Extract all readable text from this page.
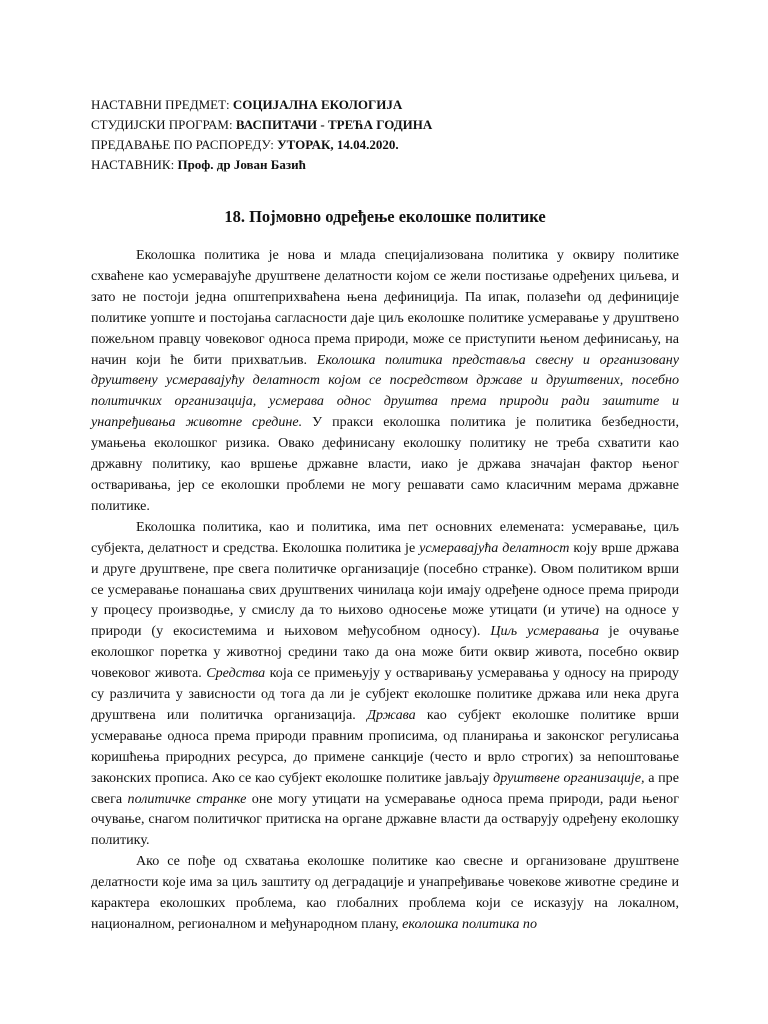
НАСТАВНИ ПРЕДМЕТ: СОЦИЈАЛНА ЕКОЛОГИЈА
СТУДИЈСКИ ПРОГРАМ: ВАСПИТАЧИ - ТРЕЋА ГОДИНА
ПРЕДАВАЊЕ ПО РАСПОРЕДУ: УТОРАК, 14.04.2020.
НАСТАВНИК: Проф. др Јован Базић
18. Појмовно одређење еколошке политике

Еколошка политика је нова и млада специјализована политика у оквиру политике схваћене као усмеравајуће друштвене делатности којом се жели постизање одређених циљева, и зато не постоји једна општеприхваћена њена дефиниција. Па ипак, полазећи од дефиниције политике уопште и постојања сагласности даје циљ еколошке политике усмеравање у друштвено пожељном правцу човековог односа према природи, може се приступити њеном дефинисању, на начин који ће бити прихватљив. Еколошка политика представља свесну и организовану друштвену усмеравајућу делатност којом се посредством државе и друштвених, посебно политичких организација, усмерава однос друштва према природи ради заштите и унапређивања животне средине. У пракси еколошка политика је политика безбедности, умањења еколошког ризика. Овако дефинисану еколошку политику не треба схватити као државну политику, као вршење државне власти, иако је држава значајан фактор њеног остваривања, јер се еколошки проблеми не могу решавати само класичним мерама државне политике.

Еколошка политика, као и политика, има пет основних елемената: усмеравање, циљ субјекта, делатност и средства. Еколошка политика је усмеравајућа делатност коју врше држава и друге друштвене, пре свега политичке организације (посебно странке). Овом политиком врши се усмеравање понашања свих друштвених чинилаца који имају одређене односе према природи у процесу производње, у смислу да то њихово односење може утицати (и утиче) на односе у природи (у екосистемима и њиховом међусобном односу). Циљ усмеравања је очување еколошког поретка у животној средини тако да она може бити оквир живота, посебно оквир човековог живота. Средства која се примењују у остваривању усмеравања у односу на природу су различита у зависности од тога да ли је субјект еколошке политике држава или нека друга друштвена или политичка организација. Држава као субјект еколошке политике врши усмеравање односа према природи правним прописима, од планирања и законског регулисања коришћења природних ресурса, до примене санкције (често и врло строгих) за непоштовање законских прописа. Ако се као субјект еколошке политике јављају друштвене организације, а пре свега политичке странке оне могу утицати на усмеравање односа према природи, ради њеног очување, снагом политичког притиска на органе државне власти да остварују одређену еколошку политику.

Ако се пође од схватања еколошке политике као свесне и организоване друштвене делатности које има за циљ заштиту од деградације и унапређивање човекове животне средине и карактера еколошких проблема, као глобалних проблема који се исказују на локалном, националном, регионалном и међународном плану, еколошка политика по
